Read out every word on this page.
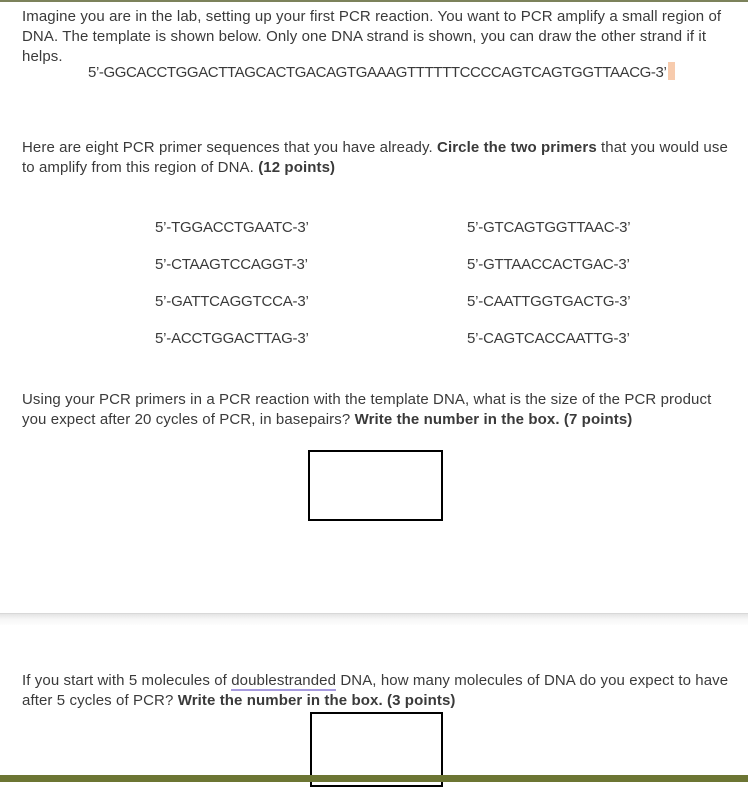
Imagine you are in the lab, setting up your first PCR reaction. You want to PCR amplify a small region of DNA. The template is shown below. Only one DNA strand is shown, you can draw the other strand if it helps.

5’-GGCACCTGGACTTAGCACTGACAGTGAAAGTTTTTTCCCCAGTCAGTGGTTAACG-3’

Here are eight PCR primer sequences that you have already. Circle the two primers that you would use to amplify from this region of DNA. (12 points)

5’-TGGACCTGAATC-3’
5’-CTAAGTCCAGGT-3’
5’-GATTCAGGTCCA-3’
5’-ACCTGGACTTAG-3’
5’-GTCAGTGGTTAAC-3’
5’-GTTAACCACTGAC-3’
5’-CAATTGGTGACTG-3’
5’-CAGTCACCAATTG-3’

Using your PCR primers in a PCR reaction with the template DNA, what is the size of the PCR product you expect after 20 cycles of PCR, in basepairs? Write the number in the box. (7 points)

If you start with 5 molecules of doublestranded DNA, how many molecules of DNA do you expect to have after 5 cycles of PCR? Write the number in the box. (3 points)
